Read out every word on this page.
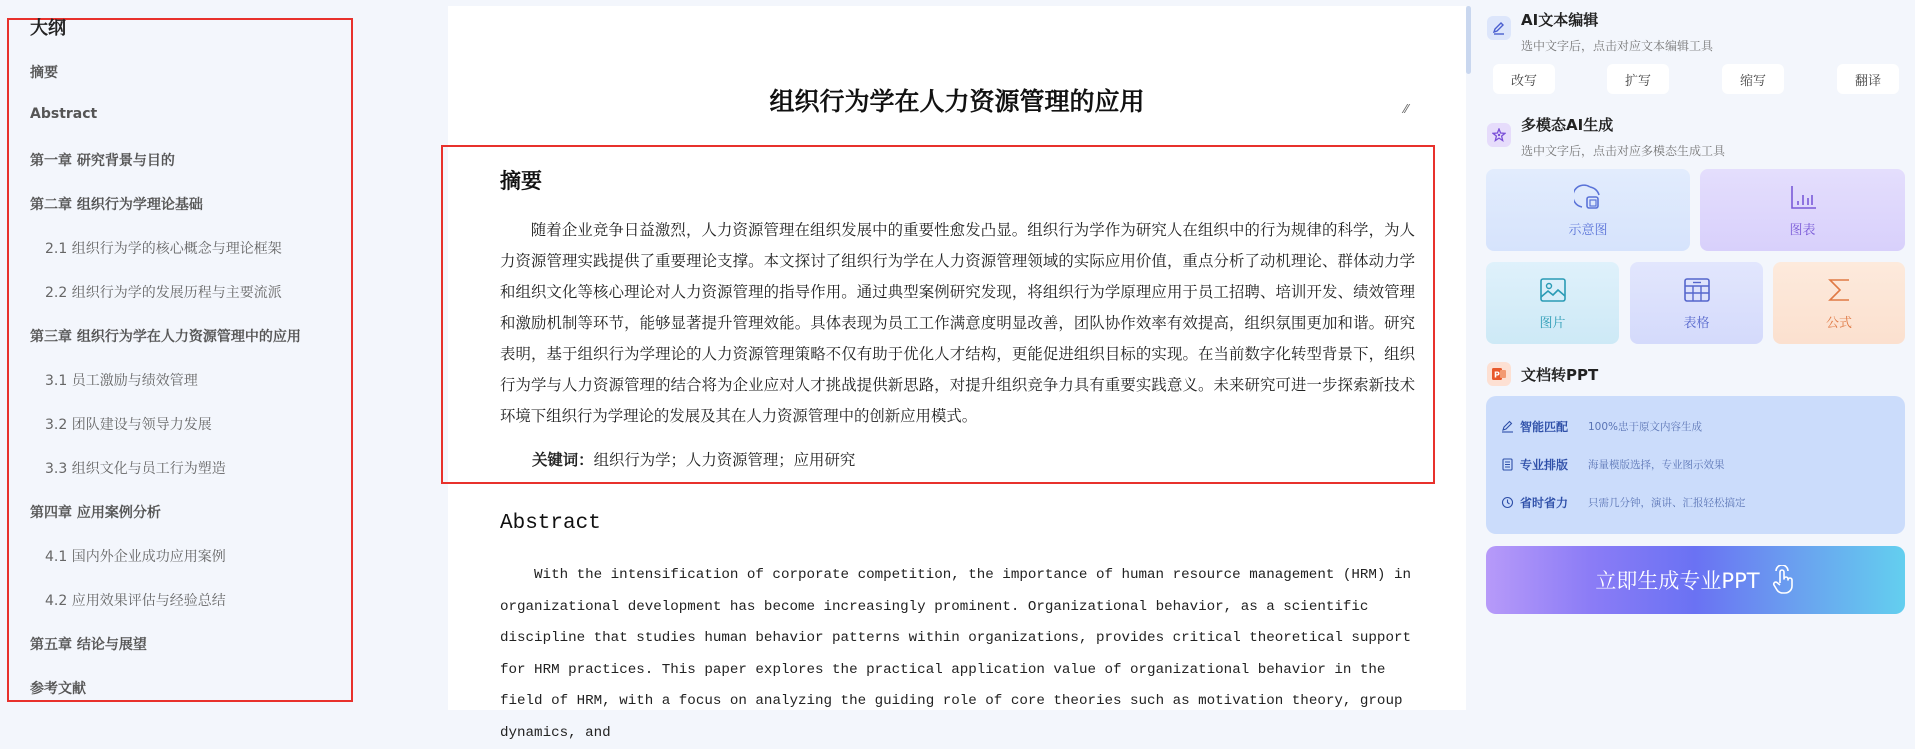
大纲
摘要
Abstract
第一章 研究背景与目的
第二章 组织行为学理论基础
2.1 组织行为学的核心概念与理论框架
2.2 组织行为学的发展历程与主要流派
第三章 组织行为学在人力资源管理中的应用
3.1 员工激励与绩效管理
3.2 团队建设与领导力发展
3.3 组织文化与员工行为塑造
第四章 应用案例分析
4.1 国内外企业成功应用案例
4.2 应用效果评估与经验总结
第五章 结论与展望
参考文献
组织行为学在人力资源管理的应用	⁄⁄
摘要
随着企业竞争日益激烈，人力资源管理在组织发展中的重要性愈发凸显。组织行为学作为研究人在组织中的行为规律的科学，为人力资源管理实践提供了重要理论支撑。本文探讨了组织行为学在人力资源管理领域的实际应用价值，重点分析了动机理论、群体动力学和组织文化等核心理论对人力资源管理的指导作用。通过典型案例研究发现，将组织行为学原理应用于员工招聘、培训开发、绩效管理和激励机制等环节，能够显著提升管理效能。具体表现为员工工作满意度明显改善，团队协作效率有效提高，组织氛围更加和谐。研究表明，基于组织行为学理论的人力资源管理策略不仅有助于优化人才结构，更能促进组织目标的实现。在当前数字化转型背景下，组织行为学与人力资源管理的结合将为企业应对人才挑战提供新思路，对提升组织竞争力具有重要实践意义。未来研究可进一步探索新技术环境下组织行为学理论的发展及其在人力资源管理中的创新应用模式。
关键词：组织行为学；人力资源管理；应用研究
Abstract
With the intensification of corporate competition, the importance of human resource management (HRM) in organizational development has become increasingly prominent. Organizational behavior, as a scientific discipline that studies human behavior patterns within organizations, provides critical theoretical support for HRM practices. This paper explores the practical application value of organizational behavior in the field of HRM, with a focus on analyzing the guiding role of core theories such as motivation theory, group dynamics, and
AI文本编辑
选中文字后，点击对应文本编辑工具
改写	扩写	缩写	翻译
多模态AI生成
选中文字后，点击对应多模态生成工具
示意图	图表
图片	表格	公式
P 文档转PPT
智能匹配	100%忠于原文内容生成
专业排版	海量模版选择，专业图示效果
省时省力	只需几分钟，演讲、汇报轻松搞定
立即生成专业PPT
